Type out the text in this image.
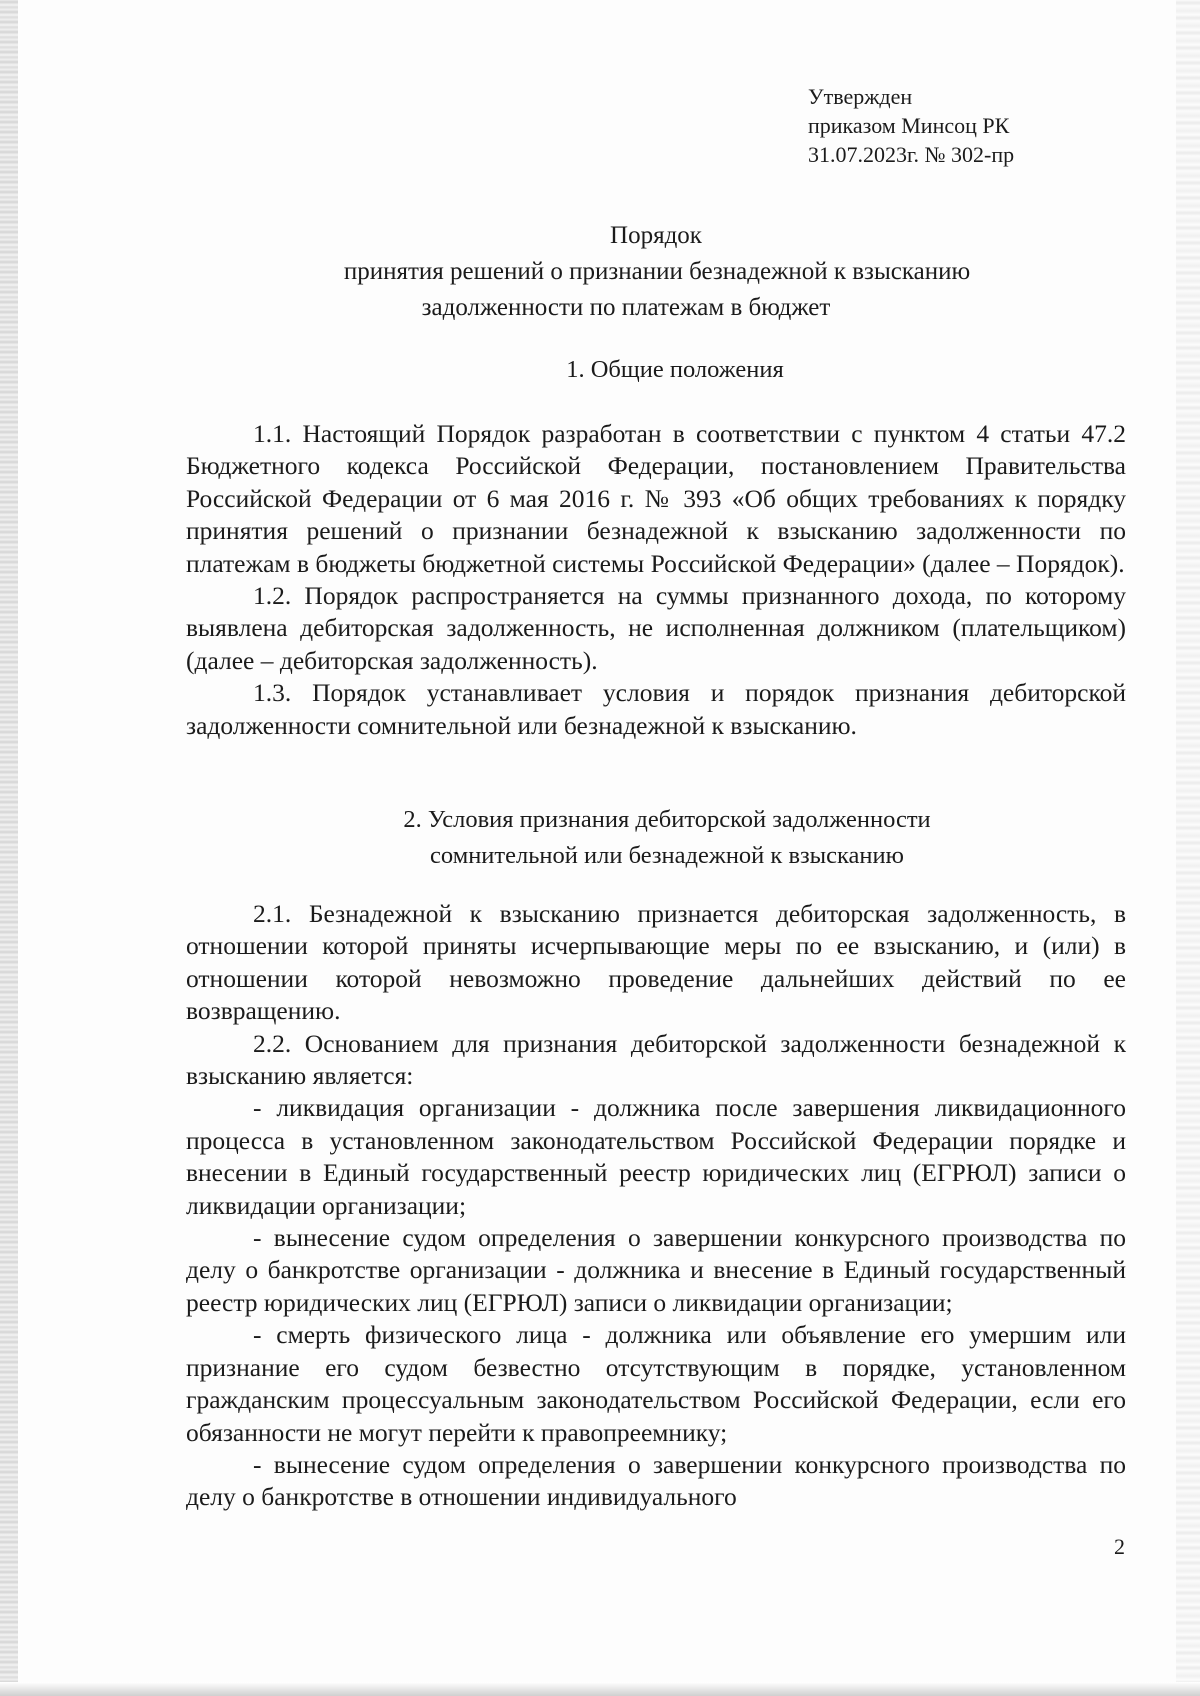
Утвержден
приказом Минсоц РК
31.07.2023г. № 302-пр
Порядок
принятия решений о признании безнадежной к взысканию
задолженности по платежам в бюджет
1. Общие положения

1.1. Настоящий Порядок разработан в соответствии с пунктом 4 статьи 47.2 Бюджетного кодекса Российской Федерации, постановлением Правительства Российской Федерации от 6 мая 2016 г. № 393 «Об общих требованиях к порядку принятия решений о признании безнадежной к взысканию задолженности по платежам в бюджеты бюджетной системы Российской Федерации» (далее – Порядок).

1.2. Порядок распространяется на суммы признанного дохода, по которому выявлена дебиторская задолженность, не исполненная должником (плательщиком) (далее – дебиторская задолженность).

1.3. Порядок устанавливает условия и порядок признания дебиторской задолженности сомнительной или безнадежной к взысканию.

2. Условия признания дебиторской задолженности
сомнительной или безнадежной к взысканию

2.1. Безнадежной к взысканию признается дебиторская задолженность, в отношении которой приняты исчерпывающие меры по ее взысканию, и (или) в отношении которой невозможно проведение дальнейших действий по ее возвращению.

2.2. Основанием для признания дебиторской задолженности безнадежной к взысканию является:

- ликвидация организации - должника после завершения ликвидационного процесса в установленном законодательством Российской Федерации порядке и внесении в Единый государственный реестр юридических лиц (ЕГРЮЛ) записи о ликвидации организации;

- вынесение судом определения о завершении конкурсного производства по делу о банкротстве организации - должника и внесение в Единый государственный реестр юридических лиц (ЕГРЮЛ) записи о ликвидации организации;

- смерть физического лица - должника или объявление его умершим или признание его судом безвестно отсутствующим в порядке, установленном гражданским процессуальным законодательством Российской Федерации, если его обязанности не могут перейти к правопреемнику;

- вынесение судом определения о завершении конкурсного производства по делу о банкротстве в отношении индивидуального

2
